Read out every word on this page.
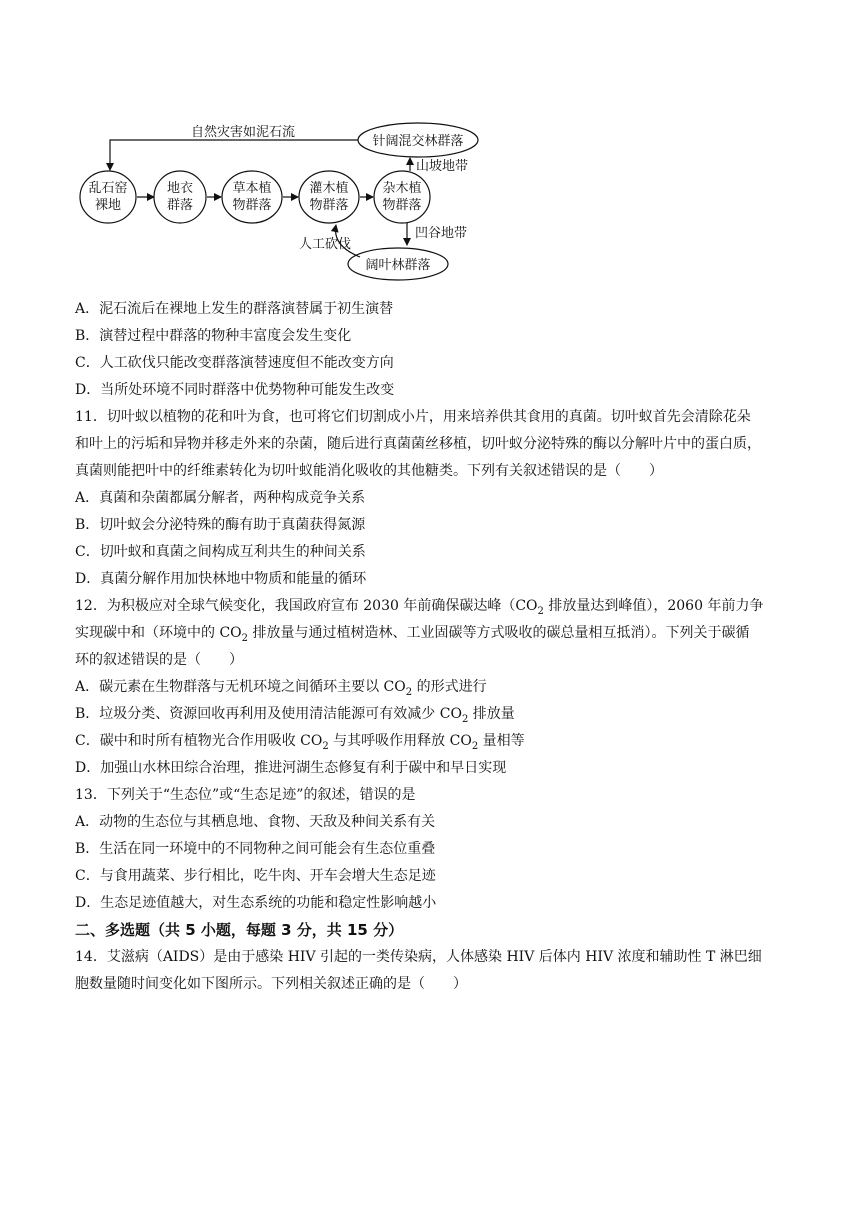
自然灾害如泥石流
针阔混交林群落
乱石窑
裸地
地衣
群落
草本植
物群落
灌木植
物群落
杂木植
物群落
山坡地带
凹谷地带
阔叶林群落
人工砍伐
A．泥石流后在裸地上发生的群落演替属于初生演替
B．演替过程中群落的物种丰富度会发生变化
C．人工砍伐只能改变群落演替速度但不能改变方向
D．当所处环境不同时群落中优势物种可能发生改变
11．切叶蚁以植物的花和叶为食，也可将它们切割成小片，用来培养供其食用的真菌。切叶蚁首先会清除花朵
和叶上的污垢和异物并移走外来的杂菌，随后进行真菌菌丝移植，切叶蚁分泌特殊的酶以分解叶片中的蛋白质，
真菌则能把叶中的纤维素转化为切叶蚁能消化吸收的其他糖类。下列有关叙述错误的是（　　）
A．真菌和杂菌都属分解者，两种构成竞争关系
B．切叶蚁会分泌特殊的酶有助于真菌获得氮源
C．切叶蚁和真菌之间构成互利共生的种间关系
D．真菌分解作用加快林地中物质和能量的循环
12．为积极应对全球气候变化，我国政府宣布 2030 年前确保碳达峰（$CO_2$ 排放量达到峰值），2060 年前力争
实现碳中和（环境中的 $CO_2$ 排放量与通过植树造林、工业固碳等方式吸收的碳总量相互抵消）。下列关于碳循
环的叙述错误的是（　　）
A．碳元素在生物群落与无机环境之间循环主要以 $CO_2$ 的形式进行
B．垃圾分类、资源回收再利用及使用清洁能源可有效减少 $CO_2$ 排放量
C．碳中和时所有植物光合作用吸收 $CO_2$ 与其呼吸作用释放 $CO_2$ 量相等
D．加强山水林田综合治理，推进河湖生态修复有利于碳中和早日实现
13．下列关于“生态位”或“生态足迹”的叙述，错误的是
A．动物的生态位与其栖息地、食物、天敌及种间关系有关
B．生活在同一环境中的不同物种之间可能会有生态位重叠
C．与食用蔬菜、步行相比，吃牛肉、开车会增大生态足迹
D．生态足迹值越大，对生态系统的功能和稳定性影响越小
二、多选题（共 5 小题，每题 3 分，共 15 分）
14．艾滋病（AIDS）是由于感染 HIV 引起的一类传染病，人体感染 HIV 后体内 HIV 浓度和辅助性 T 淋巴细
胞数量随时间变化如下图所示。下列相关叙述正确的是（　　）
